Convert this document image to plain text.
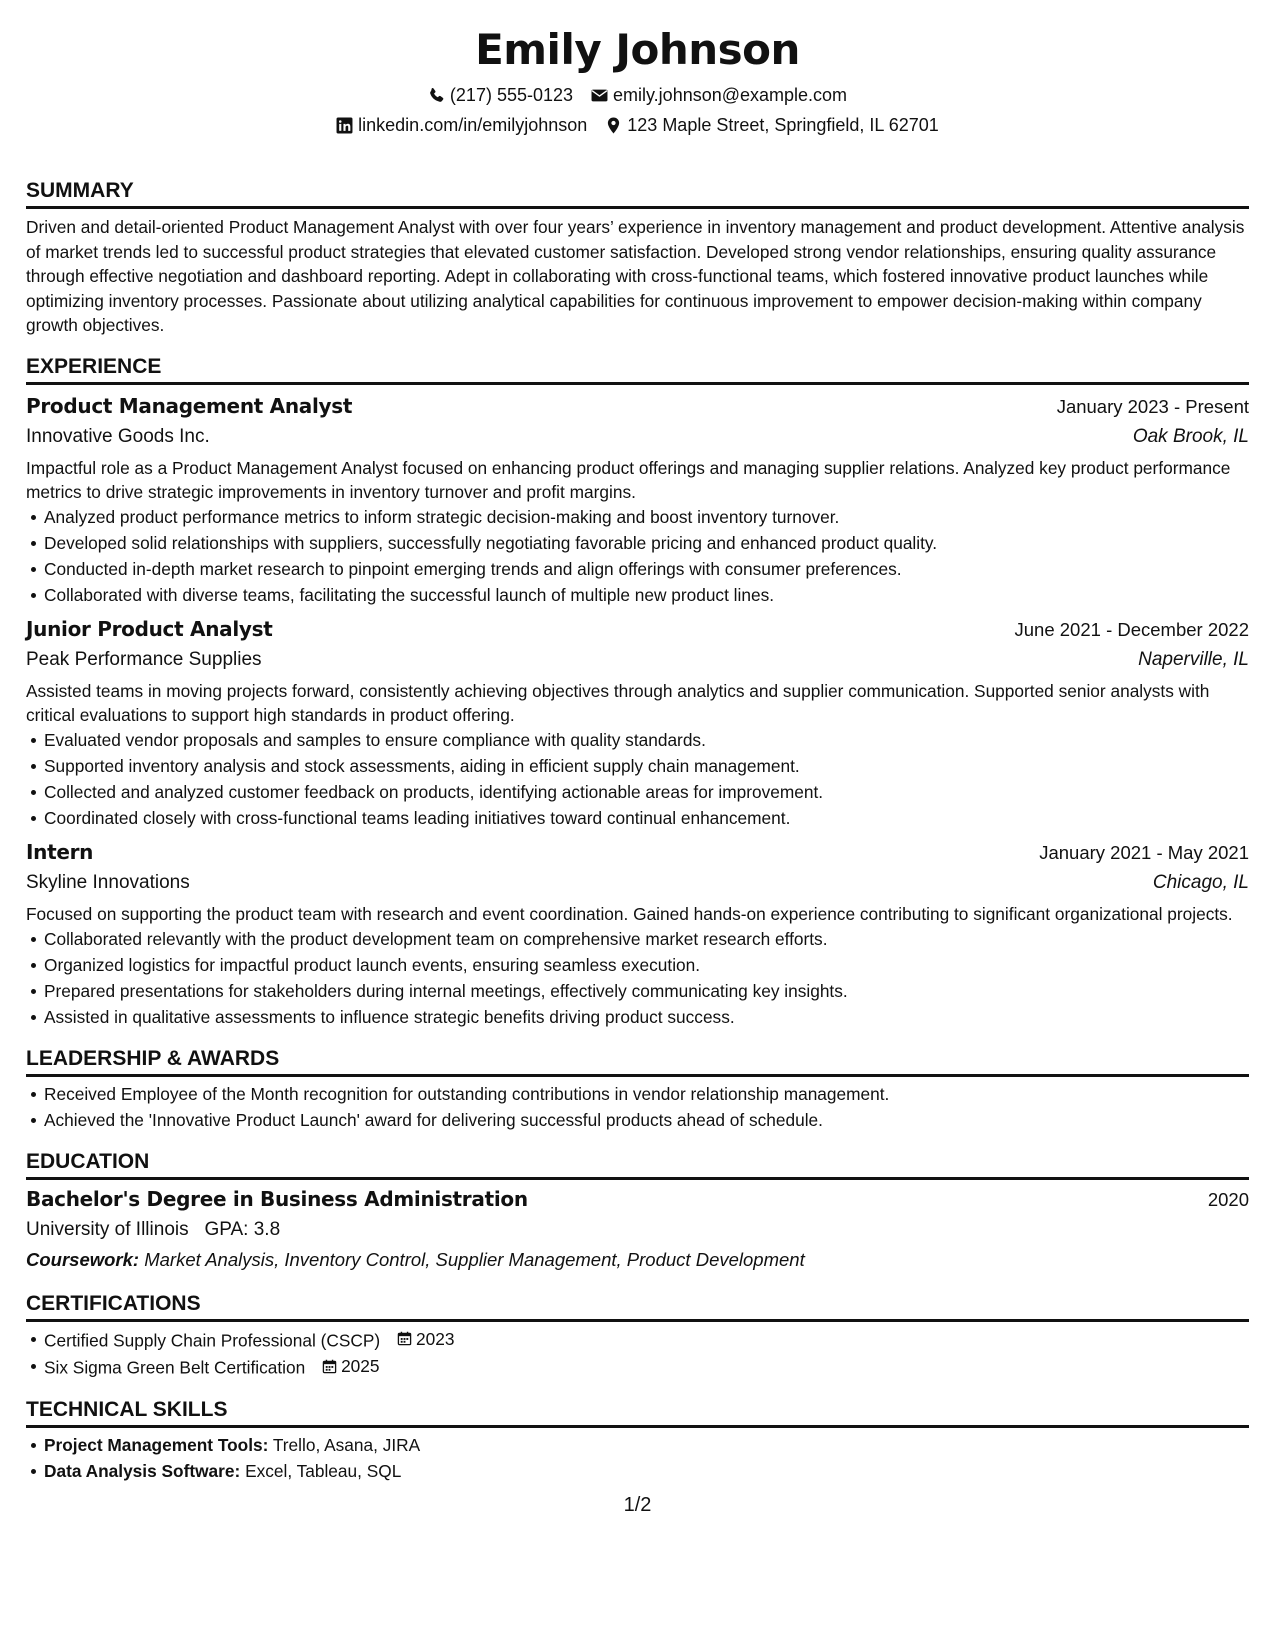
Emily Johnson
(217) 555-0123 emily.johnson@example.com
linkedin.com/in/emilyjohnson 123 Maple Street, Springfield, IL 62701
SUMMARY

Driven and detail-oriented Product Management Analyst with over four years’ experience in inventory management and product development. Attentive analysis of market trends led to successful product strategies that elevated customer satisfaction. Developed strong vendor relationships, ensuring quality assurance through effective negotiation and dashboard reporting. Adept in collaborating with cross-functional teams, which fostered innovative product launches while optimizing inventory processes. Passionate about utilizing analytical capabilities for continuous improvement to empower decision-making within company growth objectives.

EXPERIENCE
Product Management Analyst	January 2023 - Present
Innovative Goods Inc.	Oak Brook, IL

Impactful role as a Product Management Analyst focused on enhancing product offerings and managing supplier relations. Analyzed key product performance metrics to drive strategic improvements in inventory turnover and profit margins.

Analyzed product performance metrics to inform strategic decision-making and boost inventory turnover.
Developed solid relationships with suppliers, successfully negotiating favorable pricing and enhanced product quality.
Conducted in-depth market research to pinpoint emerging trends and align offerings with consumer preferences.
Collaborated with diverse teams, facilitating the successful launch of multiple new product lines.
Junior Product Analyst	June 2021 - December 2022
Peak Performance Supplies	Naperville, IL

Assisted teams in moving projects forward, consistently achieving objectives through analytics and supplier communication. Supported senior analysts with critical evaluations to support high standards in product offering.

Evaluated vendor proposals and samples to ensure compliance with quality standards.
Supported inventory analysis and stock assessments, aiding in efficient supply chain management.
Collected and analyzed customer feedback on products, identifying actionable areas for improvement.
Coordinated closely with cross-functional teams leading initiatives toward continual enhancement.
Intern	January 2021 - May 2021
Skyline Innovations	Chicago, IL

Focused on supporting the product team with research and event coordination. Gained hands-on experience contributing to significant organizational projects.

Collaborated relevantly with the product development team on comprehensive market research efforts.
Organized logistics for impactful product launch events, ensuring seamless execution.
Prepared presentations for stakeholders during internal meetings, effectively communicating key insights.
Assisted in qualitative assessments to influence strategic benefits driving product success.
LEADERSHIP & AWARDS
Received Employee of the Month recognition for outstanding contributions in vendor relationship management.
Achieved the 'Innovative Product Launch' award for delivering successful products ahead of schedule.
EDUCATION
Bachelor's Degree in Business Administration	2020
University of Illinois GPA: 3.8
Coursework: Market Analysis, Inventory Control, Supplier Management, Product Development
CERTIFICATIONS
Certified Supply Chain Professional (CSCP) 2023
Six Sigma Green Belt Certification 2025
TECHNICAL SKILLS
Project Management Tools: Trello, Asana, JIRA
Data Analysis Software: Excel, Tableau, SQL
1/2
